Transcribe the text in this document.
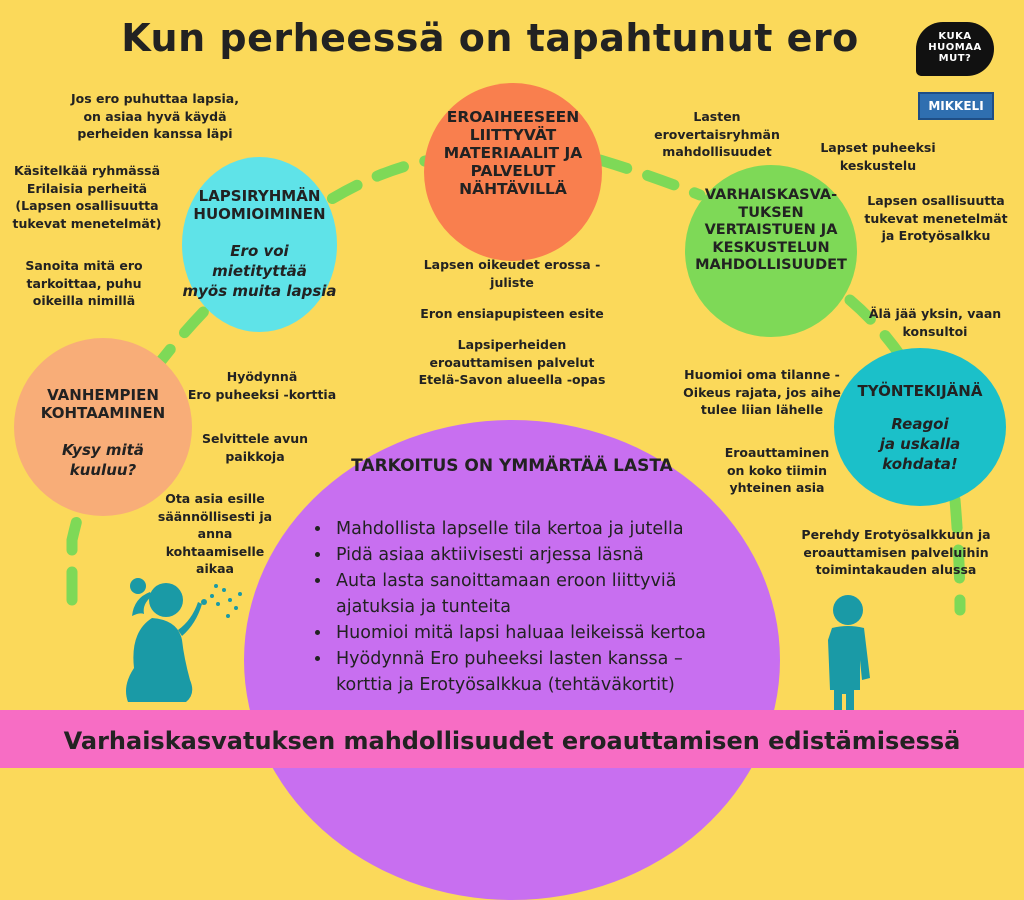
Kun perheessä on tapahtunut ero	KUKA
HUOMAA
MUT?
MIKKELI
EROAIHEESEEN
LIITTYVÄT
MATERIAALIT JA
PALVELUT
NÄHTÄVILLÄ
LAPSIRYHMÄN
HUOMIOIMINEN
Ero voi mietityttää
myös muita lapsia
VARHAISKASVA-
TUKSEN
VERTAISTUEN JA
KESKUSTELUN
MAHDOLLISUUDET
VANHEMPIEN
KOHTAAMINEN
Kysy mitä
kuuluu?
TYÖNTEKIJÄNÄ
Reagoi
ja uskalla
kohdata!
TARKOITUS ON YMMÄRTÄÄ LASTA
• Mahdollista lapselle tila kertoa ja jutella
• Pidä asiaa aktiivisesti arjessa läsnä
• Auta lasta sanoittamaan eroon liittyviä
ajatuksia ja tunteita
• Huomioi mitä lapsi haluaa leikeissä kertoa
• Hyödynnä Ero puheeksi lasten kanssa –
korttia ja Erotyösalkkua (tehtäväkortit)
Jos ero puhuttaa lapsia,
on asiaa hyvä käydä
perheiden kanssa läpi
Käsitelkää ryhmässä
Erilaisia perheitä
(Lapsen osallisuutta
tukevat menetelmät)
Sanoita mitä ero
tarkoittaa, puhu
oikeilla nimillä
Lapsen oikeudet erossa -
juliste
Eron ensiapupisteen esite
Lapsiperheiden
eroauttamisen palvelut
Etelä-Savon alueella -opas
Lasten erovertaisryhmän
mahdollisuudet	Lapset puheeksi
keskustelu
Lapsen osallisuutta
tukevat menetelmät
ja Erotyösalkku
Älä jää yksin, vaan
konsultoi
Hyödynnä
Ero puheeksi -korttia
Selvittele avun
paikkoja
Ota asia esille
säännöllisesti ja
anna
kohtaamiselle
aikaa
Huomioi oma tilanne -
Oikeus rajata, jos aihe
tulee liian lähelle
Eroauttaminen
on koko tiimin
yhteinen asia
Perehdy Erotyösalkkuun ja
eroauttamisen palveluihin
toimintakauden alussa
Varhaiskasvatuksen mahdollisuudet eroauttamisen edistämisessä
